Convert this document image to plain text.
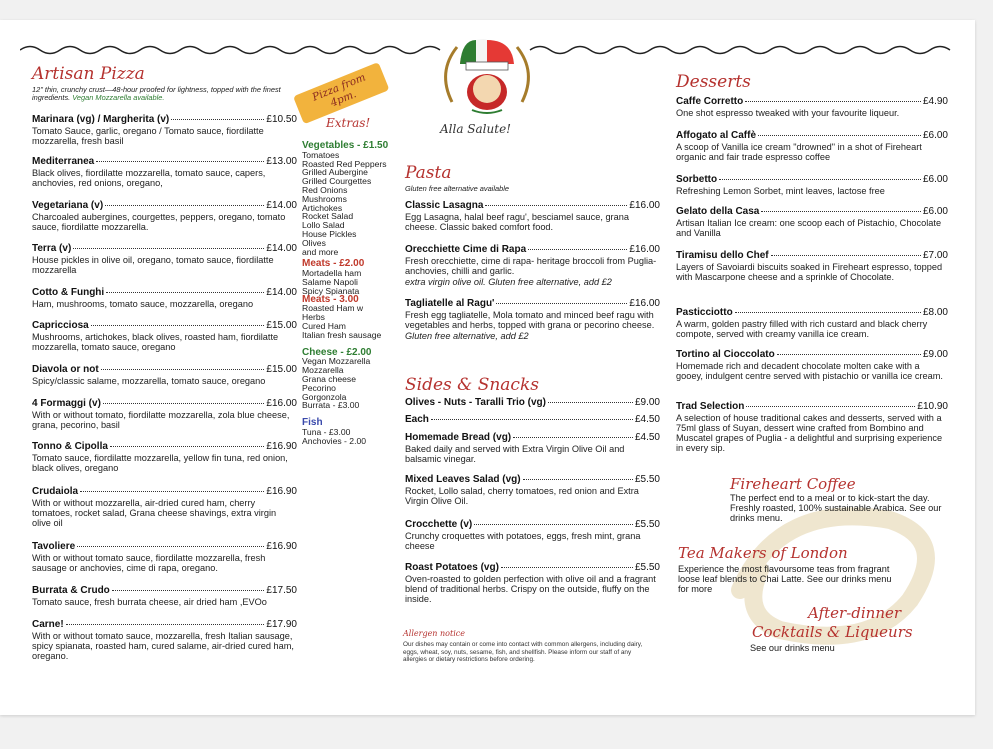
Alla Salute!
Artisan Pizza
12" thin, crunchy crust—48-hour proofed for lightness, topped with the finest ingredients. Vegan Mozzarella available.	Pizza from 4pm.
Marinara (vg) / Margherita (v)	£10.50
Tomato Sauce, garlic, oregano / Tomato sauce, fiordilatte mozzarella, fresh basil
Mediterranea	£13.00
Black olives, fiordilatte mozzarella, tomato sauce, capers, anchovies, red onions, oregano,
Vegetariana (v)	£14.00
Charcoaled aubergines, courgettes, peppers, oregano, tomato sauce, fiordilatte mozzarella.
Terra (v)	£14.00
House pickles in olive oil, oregano, tomato sauce, fiordilatte mozzarella
Cotto & Funghi	£14.00
Ham, mushrooms, tomato sauce, mozzarella, oregano
Capricciosa	£15.00
Mushrooms, artichokes, black olives, roasted ham, fiordilatte mozzarella, tomato sauce, oregano
Diavola or not	£15.00
Spicy/classic salame, mozzarella, tomato sauce, oregano
4 Formaggi (v)	£16.00
With or without tomato, fiordilatte mozzarella, zola blue cheese, grana, pecorino, basil
Tonno & Cipolla	£16.90
Tomato sauce, fiordilatte mozzarella, yellow fin tuna, red onion, black olives, oregano
Crudaiola	£16.90
With or without mozzarella, air-dried cured ham, cherry tomatoes, rocket salad, Grana cheese shavings, extra virgin olive oil
Tavoliere	£16.90
With or without tomato sauce, fiordilatte mozzarella, fresh sausage or anchovies, cime di rapa, oregano.
Burrata & Crudo	£17.50
Tomato sauce, fresh burrata cheese, air dried ham ,EVOo
Carne!	£17.90
With or without tomato sauce, mozzarella, fresh Italian sausage, spicy spianata, roasted ham, cured salame, air-dried cured ham, oregano.
Extras!
Vegetables - £1.50
Tomatoes
Roasted Red Peppers
Grilled Aubergine
Grilled Courgettes
Red Onions
Mushrooms
Artichokes
Rocket Salad
Lollo Salad
House Pickles
Olives
and more
Meats - £2.00
Mortadella ham
Salame Napoli
Spicy Spianata
Meats - 3.00
Roasted Ham w
Herbs
Cured Ham
Italian fresh sausage
Cheese - £2.00
Vegan Mozzarella
Mozzarella
Grana cheese
Pecorino
Gorgonzola
Burrata - £3.00
Fish
Tuna - £3.00
Anchovies - 2.00
Pasta
Gluten free alternative available
Classic Lasagna	£16.00
Egg Lasagna, halal beef ragu', besciamel sauce, grana cheese. Classic baked comfort food.
Orecchiette Cime di Rapa	£16.00
Fresh orecchiette, cime di rapa- heritage broccoli from Puglia- anchovies, chilli and garlic.
extra virgin olive oil. Gluten free alternative, add £2
Tagliatelle al Ragu'	£16.00
Fresh egg tagliatelle, Mola tomato and minced beef ragu with vegetables and herbs, topped with grana or pecorino cheese.
Gluten free alternative, add £2
Sides & Snacks
Olives - Nuts - Taralli Trio (vg)	£9.00
Each	£4.50
Homemade Bread (vg)	£4.50
Baked daily and served with Extra Virgin Olive Oil and balsamic vinegar.
Mixed Leaves Salad (vg)	£5.50
Rocket, Lollo salad, cherry tomatoes, red onion and Extra Virgin Olive Oil.
Crocchette (v)	£5.50
Crunchy croquettes with potatoes, eggs, fresh mint, grana cheese
Roast Potatoes (vg)	£5.50
Oven-roasted to golden perfection with olive oil and a fragrant blend of traditional herbs. Crispy on the outside, fluffy on the inside.
Allergen notice
Our dishes may contain or come into contact with common allergens, including dairy, eggs, wheat, soy, nuts, sesame, fish, and shellfish. Please inform our staff of any allergies or dietary restrictions before ordering.
Desserts
Caffe Corretto	£4.90
One shot espresso tweaked with your favourite liqueur.
Affogato al Caffè	£6.00
A scoop of Vanilla ice cream "drowned" in a shot of Fireheart organic and fair trade espresso coffee
Sorbetto	£6.00
Refreshing Lemon Sorbet, mint leaves, lactose free
Gelato della Casa	£6.00
Artisan Italian Ice cream: one scoop each of Pistachio, Chocolate and Vanilla
Tiramisu dello Chef	£7.00
Layers of Savoiardi biscuits soaked in Fireheart espresso, topped with Mascarpone cheese and a sprinkle of Chocolate.
Pasticciotto	£8.00
A warm, golden pastry filled with rich custard and black cherry compote, served with creamy vanilla ice cream.
Tortino al Cioccolato	£9.00
Homemade rich and decadent chocolate molten cake with a gooey, indulgent centre served with pistachio or vanilla ice cream.
Trad Selection	£10.90
A selection of house traditional cakes and desserts, served with a 75ml glass of Suyan, dessert wine crafted from Bombino and Muscatel grapes of Puglia - a delightful and surprising experience in every sip.
Fireheart Coffee
The perfect end to a meal or to kick-start the day. Freshly roasted, 100% sustainable Arabica. See our drinks menu.
Tea Makers of London
Experience the most flavoursome teas from fragrant loose leaf blends to Chai Latte. See our drinks menu for more
After-dinner
Cocktails & Liqueurs
See our drinks menu
